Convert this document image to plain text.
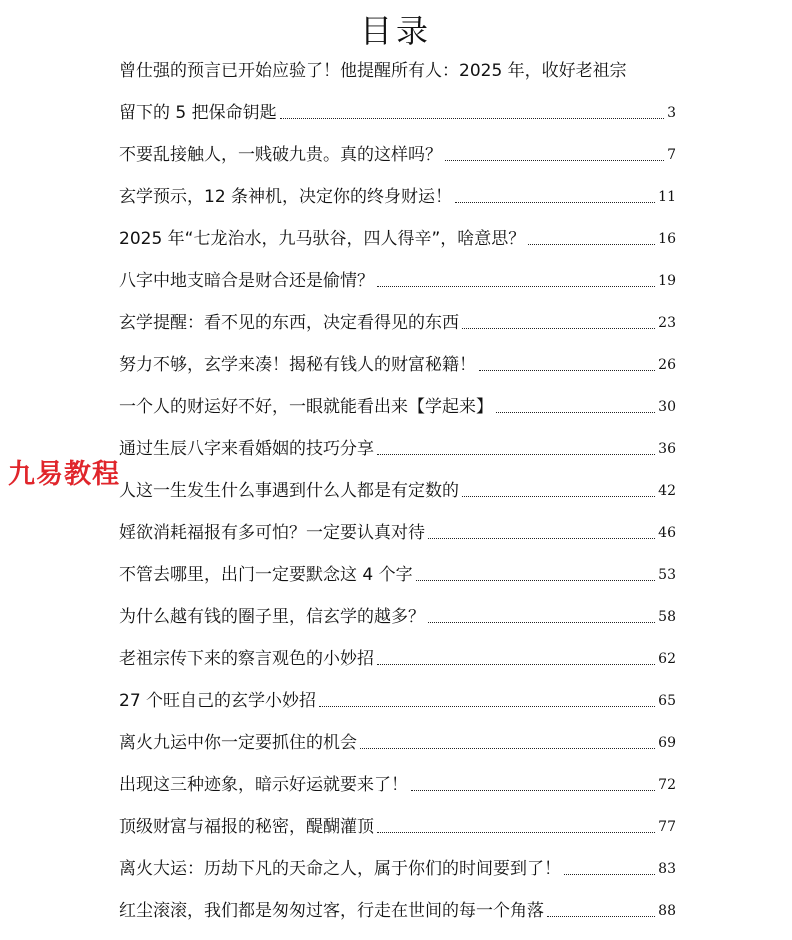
目录
曾仕强的预言已开始应验了！他提醒所有人：2025 年，收好老祖宗
留下的 5 把保命钥匙	3
不要乱接触人，一贱破九贵。真的这样吗？	7
玄学预示，12 条神机，决定你的终身财运！	11
2025 年“七龙治水，九马驮谷，四人得辛”，啥意思？	16
八字中地支暗合是财合还是偷情？	19
玄学提醒：看不见的东西，决定看得见的东西	23
努力不够，玄学来凑！揭秘有钱人的财富秘籍！	26
一个人的财运好不好，一眼就能看出来【学起来】	30
通过生辰八字来看婚姻的技巧分享	36
人这一生发生什么事遇到什么人都是有定数的	42
婬欲消耗福报有多可怕？一定要认真对待	46
不管去哪里，出门一定要默念这 4 个字	53
为什么越有钱的圈子里，信玄学的越多？	58
老祖宗传下来的察言观色的小妙招	62
27 个旺自己的玄学小妙招	65
离火九运中你一定要抓住的机会	69
出现这三种迹象，暗示好运就要来了！	72
顶级财富与福报的秘密，醍醐灌顶	77
离火大运：历劫下凡的天命之人，属于你们的时间要到了！	83
红尘滚滚，我们都是匆匆过客，行走在世间的每一个角落	88
九易教程
